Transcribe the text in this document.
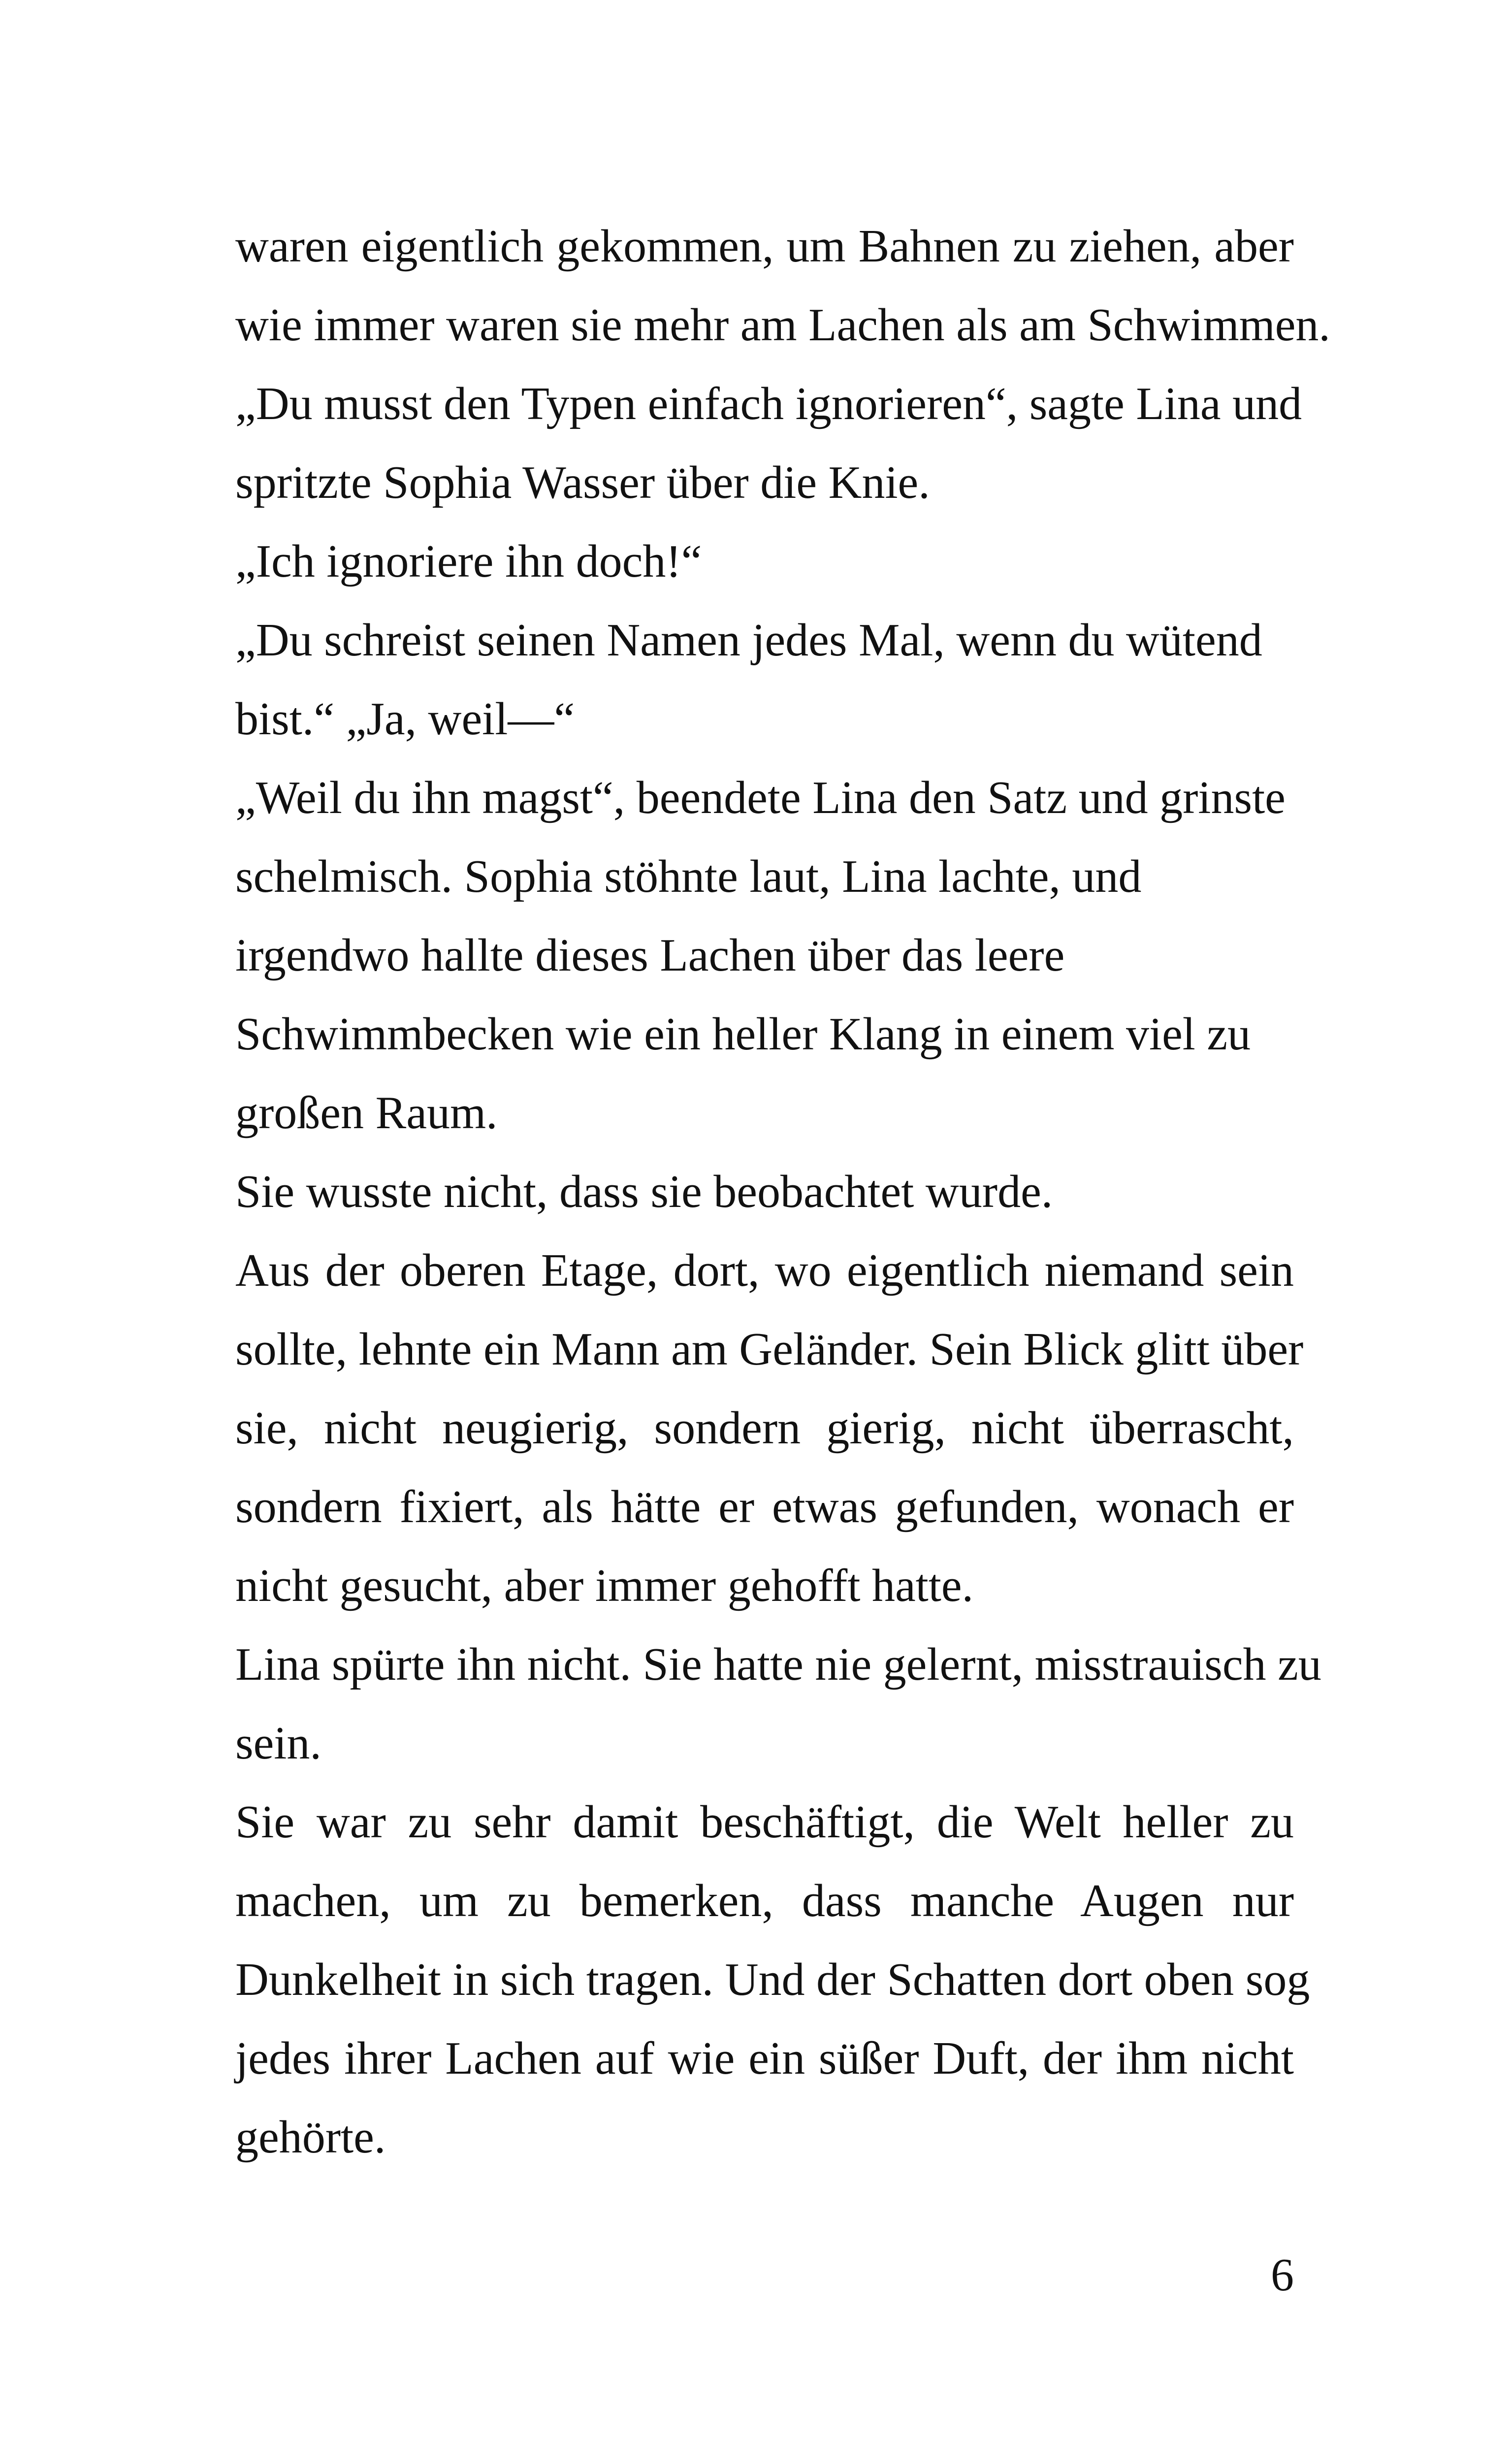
waren eigentlich gekommen, um Bahnen zu ziehen, aber
wie immer waren sie mehr am Lachen als am Schwimmen.
„Du musst den Typen einfach ignorieren“, sagte Lina und
spritzte Sophia Wasser über die Knie.
„Ich ignoriere ihn doch!“
„Du schreist seinen Namen jedes Mal, wenn du wütend
bist.“ „Ja, weil—“
„Weil du ihn magst“, beendete Lina den Satz und grinste
schelmisch. Sophia stöhnte laut, Lina lachte, und
irgendwo hallte dieses Lachen über das leere
Schwimmbecken wie ein heller Klang in einem viel zu
großen Raum.
Sie wusste nicht, dass sie beobachtet wurde.
Aus der oberen Etage, dort, wo eigentlich niemand sein
sollte, lehnte ein Mann am Geländer. Sein Blick glitt über
sie, nicht neugierig, sondern gierig, nicht überrascht,
sondern fixiert, als hätte er etwas gefunden, wonach er
nicht gesucht, aber immer gehofft hatte.
Lina spürte ihn nicht. Sie hatte nie gelernt, misstrauisch zu
sein.
Sie war zu sehr damit beschäftigt, die Welt heller zu
machen, um zu bemerken, dass manche Augen nur
Dunkelheit in sich tragen. Und der Schatten dort oben sog
jedes ihrer Lachen auf wie ein süßer Duft, der ihm nicht
gehörte.
6
